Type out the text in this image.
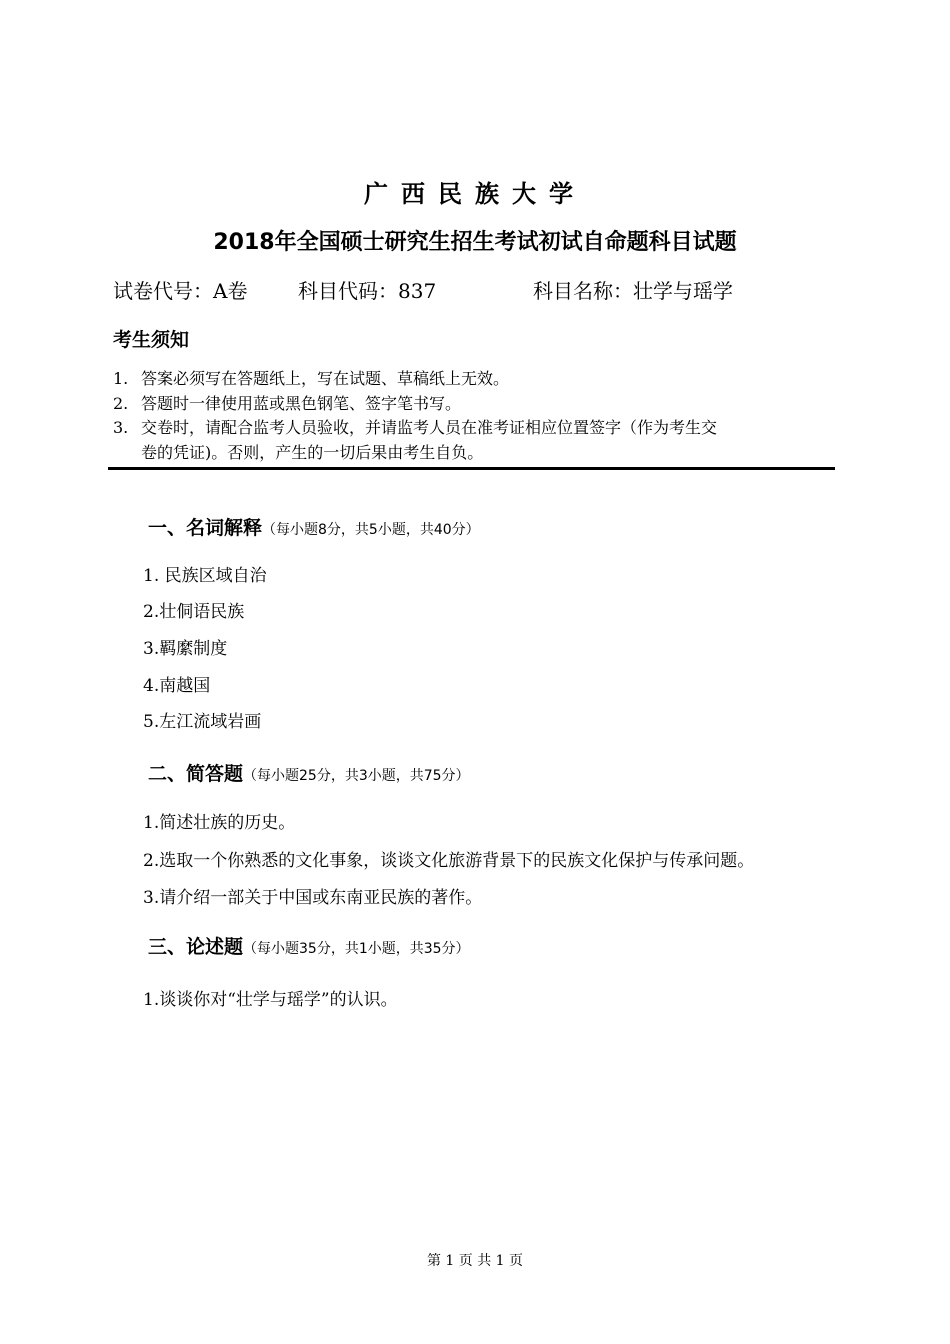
广西民族大学
2018年全国硕士研究生招生考试初试自命题科目试题
试卷代号：A卷	科目代码：837	科目名称：壮学与瑶学
考生须知
1. 答案必须写在答题纸上，写在试题、草稿纸上无效。
2. 答题时一律使用蓝或黑色钢笔、签字笔书写。
3. 交卷时，请配合监考人员验收，并请监考人员在准考证相应位置签字（作为考生交
卷的凭证)。否则，产生的一切后果由考生自负。
一、名词解释（每小题8分，共5小题，共40分）
1. 民族区域自治
2.壮侗语民族
3.羁縻制度
4.南越国
5.左江流域岩画
二、简答题（每小题25分，共3小题，共75分）
1.简述壮族的历史。
2.选取一个你熟悉的文化事象，谈谈文化旅游背景下的民族文化保护与传承问题。
3.请介绍一部关于中国或东南亚民族的著作。
三、论述题（每小题35分，共1小题，共35分）
1.谈谈你对“壮学与瑶学”的认识。
第 1 页 共 1 页
